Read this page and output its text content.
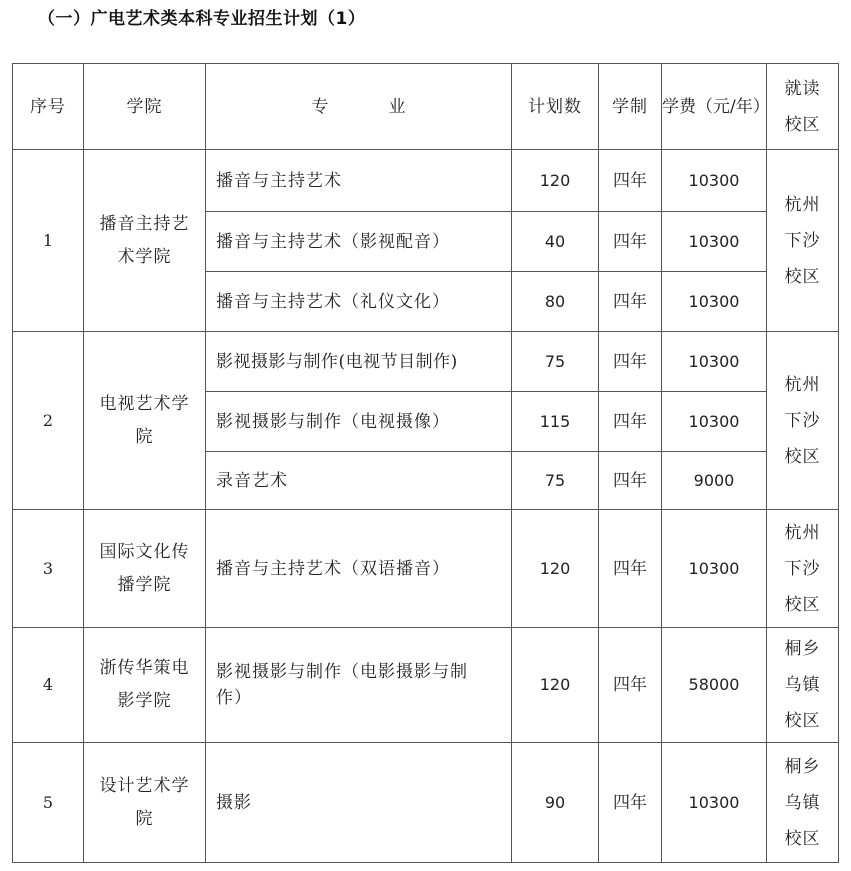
（一）广电艺术类本科专业招生计划（1）
序号	学院	专业	计划数	学制	学费（元/年）	就读校区
1	播音主持艺术学院	播音与主持艺术	120	四年	10300	杭州下沙校区
		播音与主持艺术（影视配音）	40	四年	10300	
		播音与主持艺术（礼仪文化）	80	四年	10300	
2	电视艺术学院	影视摄影与制作(电视节目制作)	75	四年	10300	杭州下沙校区
		影视摄影与制作（电视摄像）	115	四年	10300	
		录音艺术	75	四年	9000	
3	国际文化传播学院	播音与主持艺术（双语播音）	120	四年	10300	杭州下沙校区
4	浙传华策电影学院	影视摄影与制作（电影摄影与制作）	120	四年	58000	桐乡乌镇校区
5	设计艺术学院	摄影	90	四年	10300	桐乡乌镇校区
